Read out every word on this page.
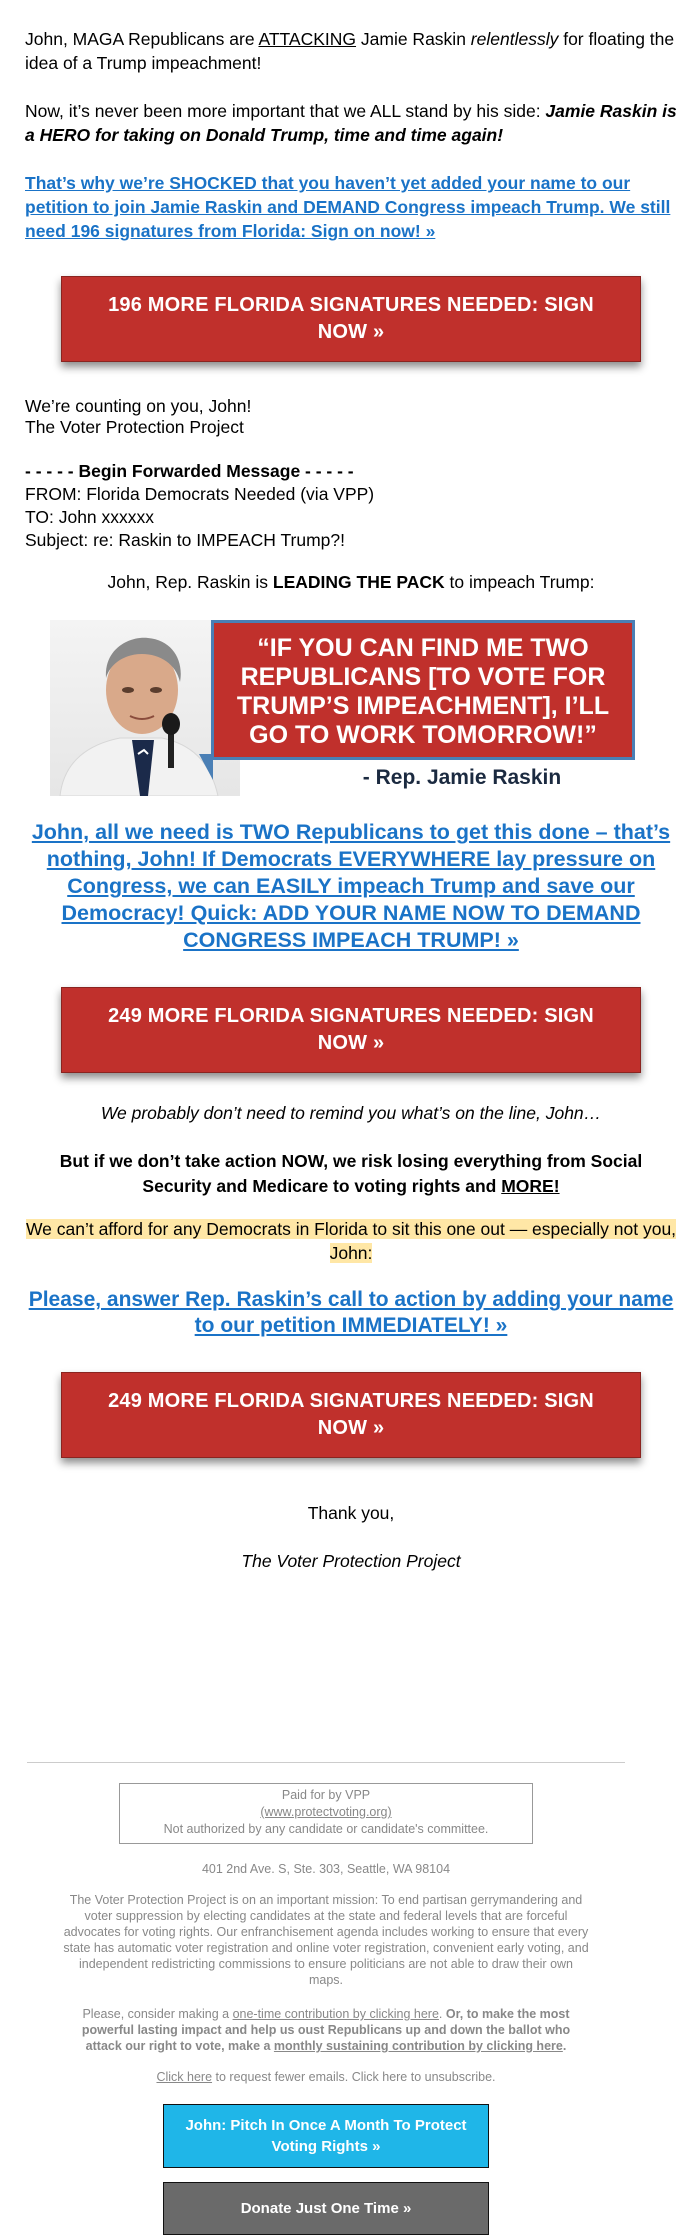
John, MAGA Republicans are ATTACKING Jamie Raskin relentlessly for floating the idea of a Trump impeachment!

Now, it’s never been more important that we ALL stand by his side: Jamie Raskin is a HERO for taking on Donald Trump, time and time again!

That’s why we’re SHOCKED that you haven’t yet added your name to our petition to join Jamie Raskin and DEMAND Congress impeach Trump. We still need 196 signatures from Florida: Sign on now! »
196 MORE FLORIDA SIGNATURES NEEDED: SIGN NOW »
We’re counting on you, John!
The Voter Protection Project
- - - - - Begin Forwarded Message - - - - -
FROM: Florida Democrats Needed (via VPP)
TO: John xxxxxx
Subject: re: Raskin to IMPEACH Trump?!

John, Rep. Raskin is LEADING THE PACK to impeach Trump:

“IF YOU CAN FIND ME TWO REPUBLICANS [TO VOTE FOR TRUMP’S IMPEACHMENT], I’LL GO TO WORK TOMORROW!”
- Rep. Jamie Raskin
John, all we need is TWO Republicans to get this done – that’s nothing, John! If Democrats EVERYWHERE lay pressure on Congress, we can EASILY impeach Trump and save our Democracy! Quick: ADD YOUR NAME NOW TO DEMAND CONGRESS IMPEACH TRUMP! »
249 MORE FLORIDA SIGNATURES NEEDED: SIGN NOW »
We probably don’t need to remind you what’s on the line, John…
But if we don’t take action NOW, we risk losing everything from Social Security and Medicare to voting rights and MORE!
We can’t afford for any Democrats in Florida to sit this one out — especially not you, John:
Please, answer Rep. Raskin’s call to action by adding your name to our petition IMMEDIATELY! »
249 MORE FLORIDA SIGNATURES NEEDED: SIGN NOW »
Thank you,
The Voter Protection Project
Paid for by VPP
(www.protectvoting.org)
Not authorized by any candidate or candidate's committee.
401 2nd Ave. S, Ste. 303, Seattle, WA 98104
The Voter Protection Project is on an important mission: To end partisan gerrymandering and voter suppression by electing candidates at the state and federal levels that are forceful advocates for voting rights. Our enfranchisement agenda includes working to ensure that every state has automatic voter registration and online voter registration, convenient early voting, and independent redistricting commissions to ensure politicians are not able to draw their own maps.
Please, consider making a one-time contribution by clicking here. Or, to make the most powerful lasting impact and help us oust Republicans up and down the ballot who attack our right to vote, make a monthly sustaining contribution by clicking here.
Click here to request fewer emails. Click here to unsubscribe.
John: Pitch In Once A Month To Protect Voting Rights »
Donate Just One Time »
